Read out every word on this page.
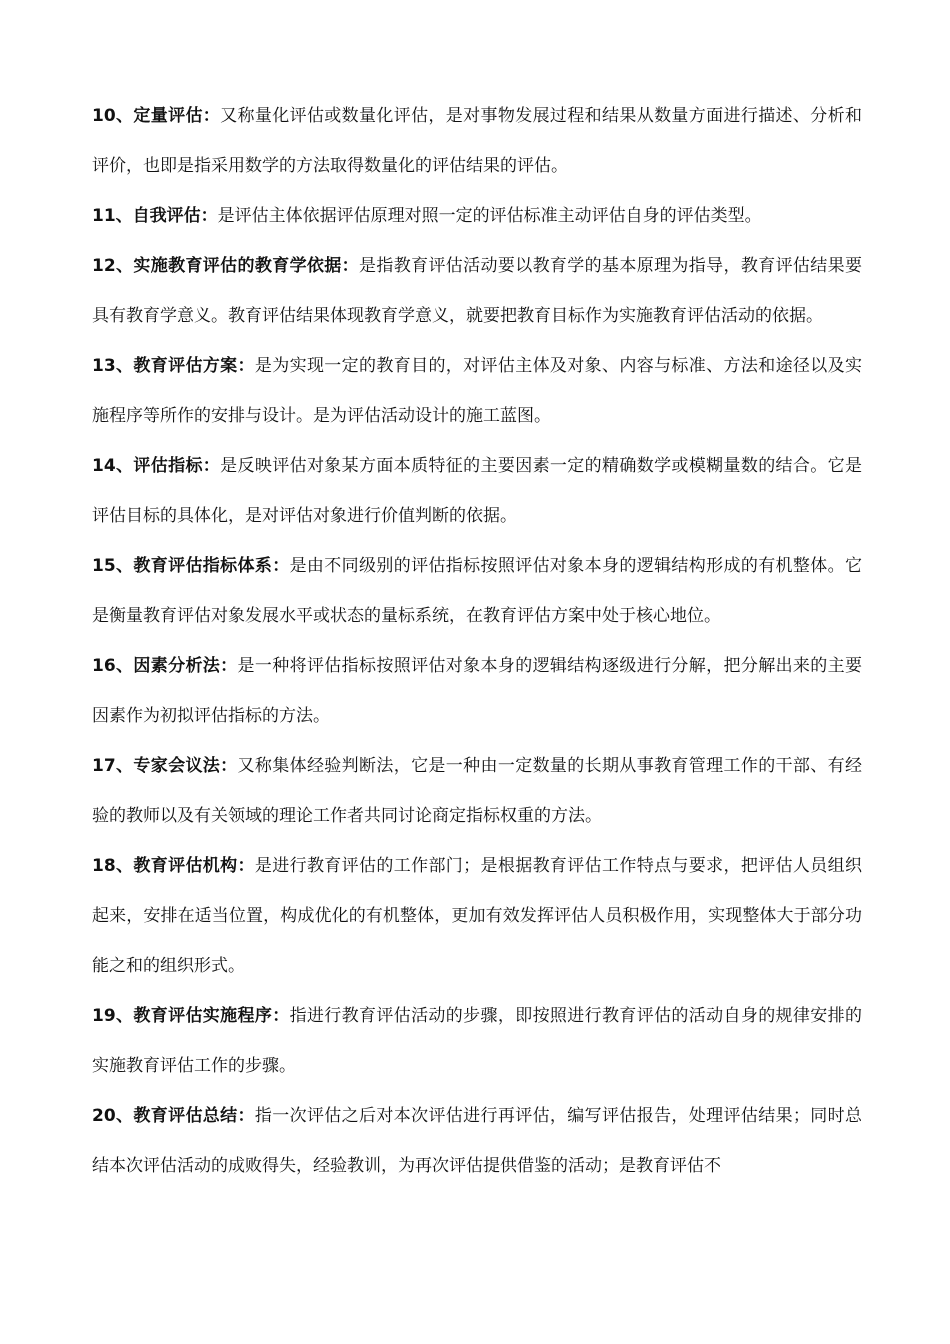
10、定量评估：又称量化评估或数量化评估，是对事物发展过程和结果从数量方面进行描述、分析和评价，也即是指采用数学的方法取得数量化的评估结果的评估。

11、自我评估：是评估主体依据评估原理对照一定的评估标准主动评估自身的评估类型。

12、实施教育评估的教育学依据：是指教育评估活动要以教育学的基本原理为指导，教育评估结果要具有教育学意义。教育评估结果体现教育学意义，就要把教育目标作为实施教育评估活动的依据。

13、教育评估方案：是为实现一定的教育目的，对评估主体及对象、内容与标准、方法和途径以及实施程序等所作的安排与设计。是为评估活动设计的施工蓝图。

14、评估指标：是反映评估对象某方面本质特征的主要因素一定的精确数学或模糊量数的结合。它是评估目标的具体化，是对评估对象进行价值判断的依据。

15、教育评估指标体系：是由不同级别的评估指标按照评估对象本身的逻辑结构形成的有机整体。它是衡量教育评估对象发展水平或状态的量标系统，在教育评估方案中处于核心地位。

16、因素分析法：是一种将评估指标按照评估对象本身的逻辑结构逐级进行分解，把分解出来的主要因素作为初拟评估指标的方法。

17、专家会议法：又称集体经验判断法，它是一种由一定数量的长期从事教育管理工作的干部、有经验的教师以及有关领域的理论工作者共同讨论商定指标权重的方法。

18、教育评估机构：是进行教育评估的工作部门；是根据教育评估工作特点与要求，把评估人员组织起来，安排在适当位置，构成优化的有机整体，更加有效发挥评估人员积极作用，实现整体大于部分功能之和的组织形式。

19、教育评估实施程序：指进行教育评估活动的步骤，即按照进行教育评估的活动自身的规律安排的实施教育评估工作的步骤。

20、教育评估总结：指一次评估之后对本次评估进行再评估，编写评估报告，处理评估结果；同时总结本次评估活动的成败得失，经验教训，为再次评估提供借鉴的活动；是教育评估不
